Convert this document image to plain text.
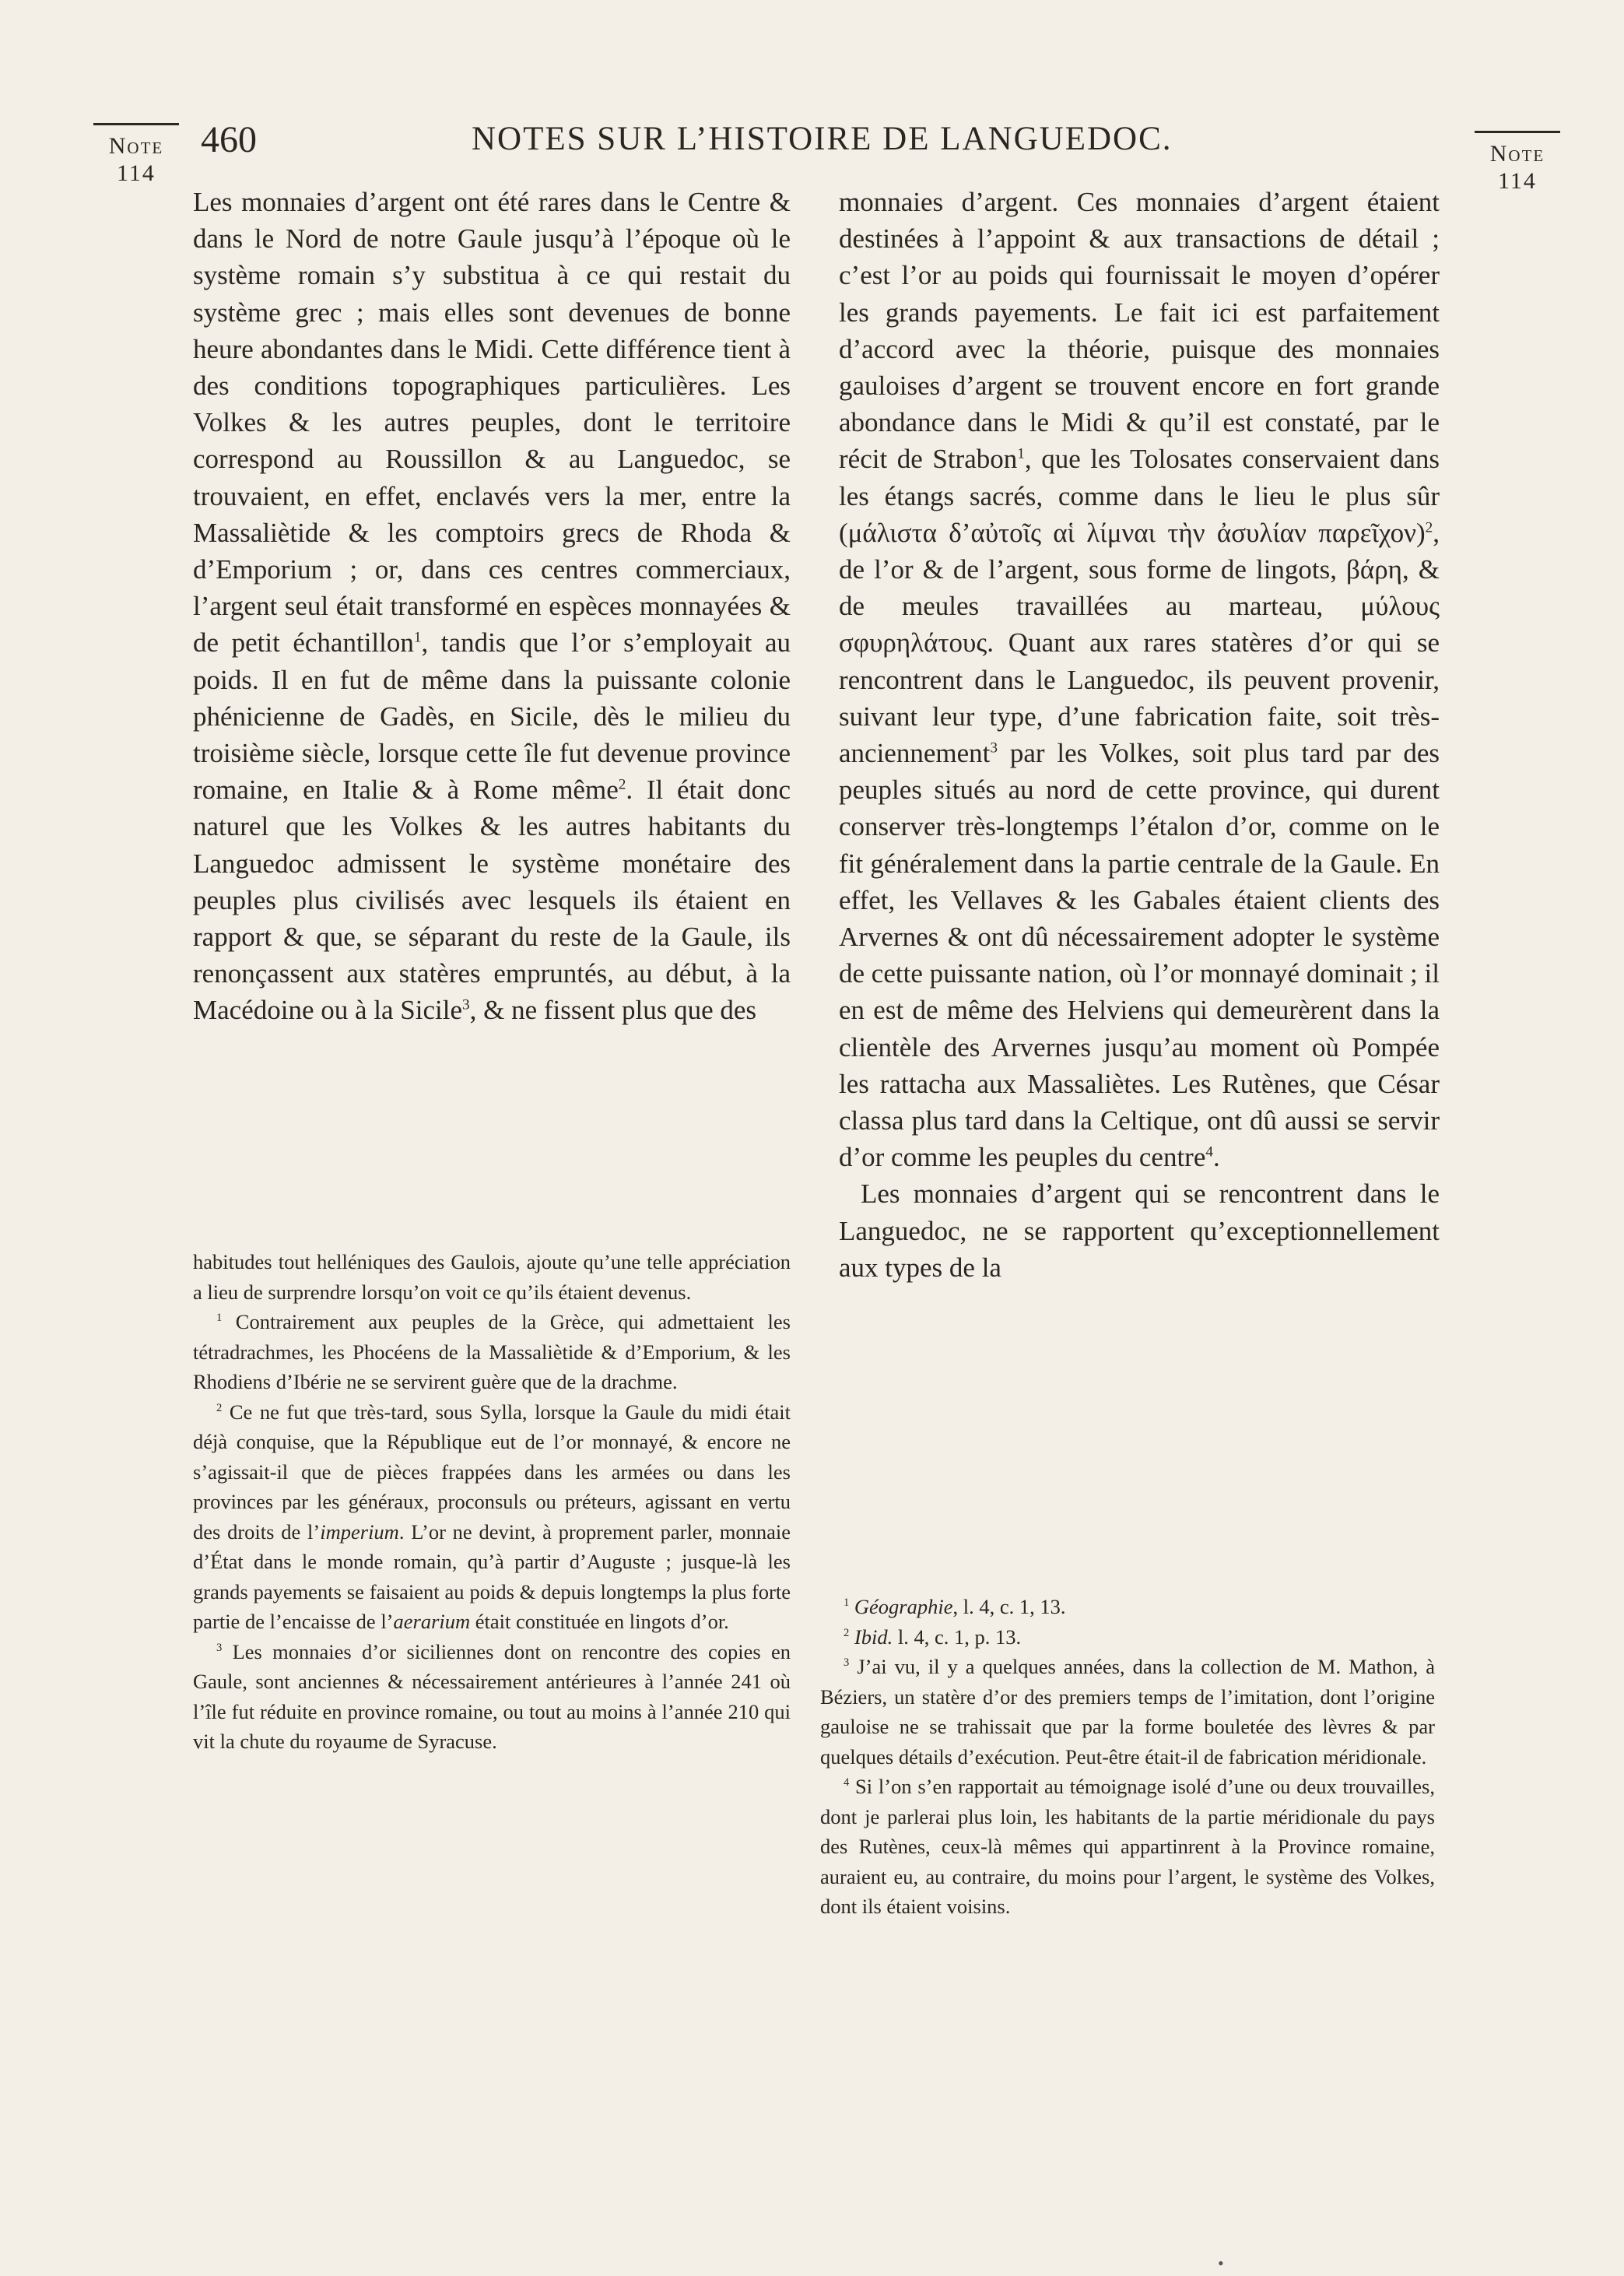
Note
114
Note
114
460	NOTES SUR L’HISTOIRE DE LANGUEDOC.

Les monnaies d’argent ont été rares dans le Centre & dans le Nord de notre Gaule jusqu’à l’époque où le système romain s’y substitua à ce qui restait du système grec ; mais elles sont devenues de bonne heure abondantes dans le Midi. Cette différence tient à des conditions topographiques particulières. Les Volkes & les autres peuples, dont le territoire correspond au Roussillon & au Languedoc, se trouvaient, en effet, enclavés vers la mer, entre la Massaliètide & les comptoirs grecs de Rhoda & d’Emporium ; or, dans ces centres commerciaux, l’argent seul était transformé en espèces monnayées & de petit échantillon$^1$, tandis que l’or s’employait au poids. Il en fut de même dans la puissante colonie phénicienne de Gadès, en Sicile, dès le milieu du troisième siècle, lorsque cette île fut devenue province romaine, en Italie & à Rome même$^2$. Il était donc naturel que les Volkes & les autres habitants du Languedoc admissent le système monétaire des peuples plus civilisés avec lesquels ils étaient en rapport & que, se séparant du reste de la Gaule, ils renonçassent aux statères empruntés, au début, à la Macédoine ou à la Sicile$^3$, & ne fissent plus que des

monnaies d’argent. Ces monnaies d’argent étaient destinées à l’appoint & aux transactions de détail ; c’est l’or au poids qui fournissait le moyen d’opérer les grands payements. Le fait ici est parfaitement d’accord avec la théorie, puisque des monnaies gauloises d’argent se trouvent encore en fort grande abondance dans le Midi & qu’il est constaté, par le récit de Strabon$^1$, que les Tolosates conservaient dans les étangs sacrés, comme dans le lieu le plus sûr (μάλιστα δ’αὐτοῖς αἱ λίμναι τὴν ἀσυλίαν παρεῖχον)$^2$, de l’or & de l’argent, sous forme de lingots, βάρη, & de meules travaillées au marteau, μύλους σφυρηλάτους. Quant aux rares statères d’or qui se rencontrent dans le Languedoc, ils peuvent provenir, suivant leur type, d’une fabrication faite, soit très-anciennement$^3$ par les Volkes, soit plus tard par des peuples situés au nord de cette province, qui durent conserver très-longtemps l’étalon d’or, comme on le fit généralement dans la partie centrale de la Gaule. En effet, les Vellaves & les Gabales étaient clients des Arvernes & ont dû nécessairement adopter le système de cette puissante nation, où l’or monnayé dominait ; il en est de même des Helviens qui demeurèrent dans la clientèle des Arvernes jusqu’au moment où Pompée les rattacha aux Massaliètes. Les Rutènes, que César classa plus tard dans la Celtique, ont dû aussi se servir d’or comme les peuples du centre$^4$.

Les monnaies d’argent qui se rencontrent dans le Languedoc, ne se rapportent qu’exceptionnellement aux types de la

habitudes tout helléniques des Gaulois, ajoute qu’une telle appréciation a lieu de surprendre lorsqu’on voit ce qu’ils étaient devenus.

$^1$ Contrairement aux peuples de la Grèce, qui admettaient les tétradrachmes, les Phocéens de la Massaliètide & d’Emporium, & les Rhodiens d’Ibérie ne se servirent guère que de la drachme.

$^2$ Ce ne fut que très-tard, sous Sylla, lorsque la Gaule du midi était déjà conquise, que la République eut de l’or monnayé, & encore ne s’agissait-il que de pièces frappées dans les armées ou dans les provinces par les généraux, proconsuls ou préteurs, agissant en vertu des droits de l’imperium. L’or ne devint, à proprement parler, monnaie d’État dans le monde romain, qu’à partir d’Auguste ; jusque-là les grands payements se faisaient au poids & depuis longtemps la plus forte partie de l’encaisse de l’aerarium était constituée en lingots d’or.

$^3$ Les monnaies d’or siciliennes dont on rencontre des copies en Gaule, sont anciennes & nécessairement antérieures à l’année 241 où l’île fut réduite en province romaine, ou tout au moins à l’année 210 qui vit la chute du royaume de Syracuse.

$^1$ Géographie, l. 4, c. 1, 13.

$^2$ Ibid. l. 4, c. 1, p. 13.

$^3$ J’ai vu, il y a quelques années, dans la collection de M. Mathon, à Béziers, un statère d’or des premiers temps de l’imitation, dont l’origine gauloise ne se trahissait que par la forme bouletée des lèvres & par quelques détails d’exécution. Peut-être était-il de fabrication méridionale.

$^4$ Si l’on s’en rapportait au témoignage isolé d’une ou deux trouvailles, dont je parlerai plus loin, les habitants de la partie méridionale du pays des Rutènes, ceux-là mêmes qui appartinrent à la Province romaine, auraient eu, au contraire, du moins pour l’argent, le système des Volkes, dont ils étaient voisins.

•
